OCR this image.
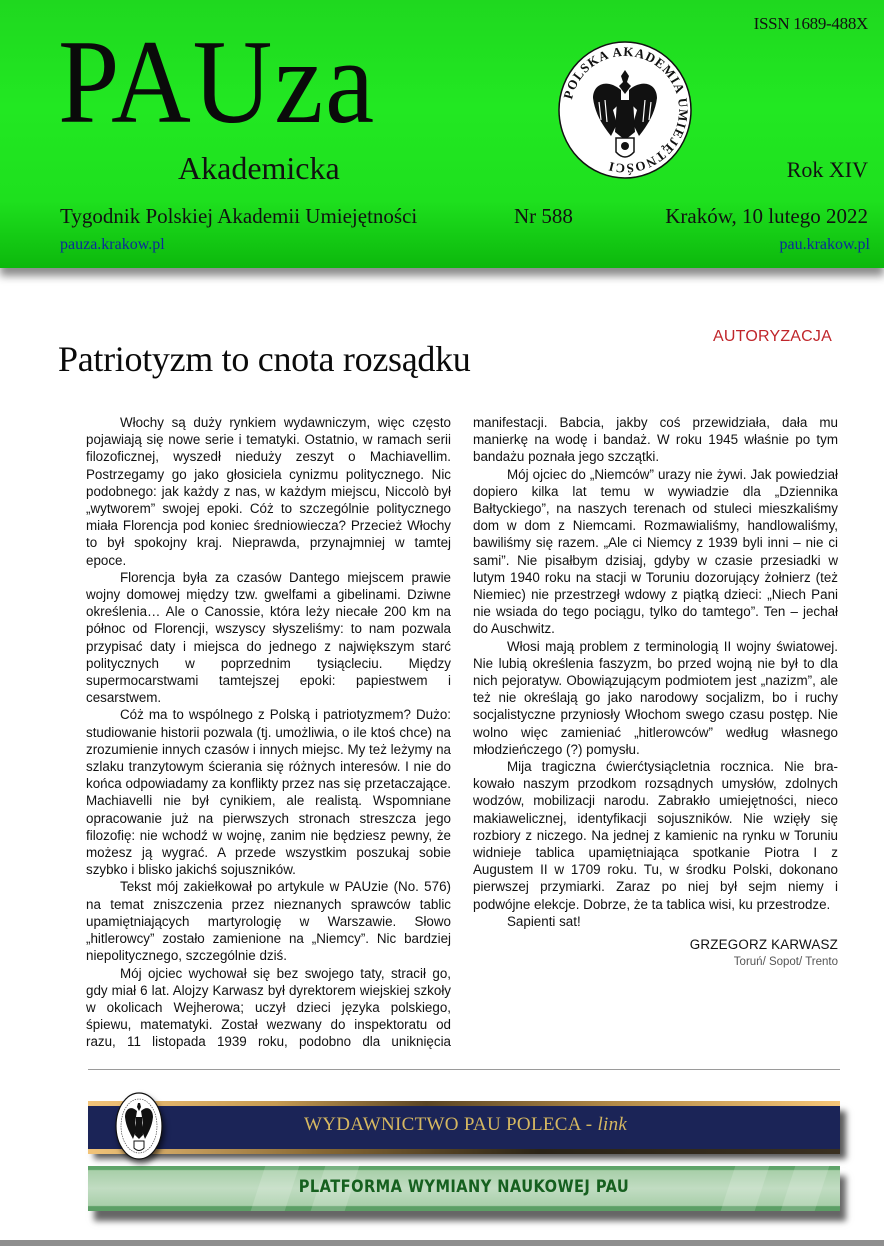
ISSN 1689-488X
PAUza
Akademicka
POLSKA AKADEMIA UMIEJĘTNOŚCI	Rok XIV
Tygodnik Polskiej Akademii Umiejętności	Nr 588	Kraków, 10 lutego 2022
pauza.krakow.pl	pau.krakow.pl
AUTORYZACJA
Patriotyzm to cnota rozsądku

Włochy są duży rynkiem wydawniczym, więc często pojawiają się nowe serie i tematyki. Ostatnio, w ramach serii filozoficznej, wyszedł nieduży zeszyt o Machiavellim. Postrzegamy go jako głosiciela cynizmu politycznego. Nic podobnego: jak każdy z nas, w każdym miejscu, Niccolò był „wytworem” swojej epoki. Cóż to szczególnie politycznego miała Florencja pod koniec średniowiecza? Przecież Włochy to był spokojny kraj. Nieprawda, przynajmniej w tamtej epoce.

Florencja była za czasów Dantego miejscem prawie wojny domowej między tzw. gwelfami a gibelinami. Dziwne określenia… Ale o Canossie, która leży niecałe 200 km na północ od Florencji, wszyscy słyszeliśmy: to nam pozwala przypisać daty i miejsca do jednego z największym starć politycznych w poprzednim tysiącleciu. Między supermocarstwami tamtejszej epoki: papiestwem i cesarstwem.

Cóż ma to wspólnego z Polską i patriotyzmem? Dużo: studiowanie historii pozwala (tj. umożliwia, o ile ktoś chce) na zrozumienie innych czasów i innych miejsc. My też leżymy na szlaku tranzytowym ścierania się różnych interesów. I nie do końca odpowiadamy za konflikty przez nas się przetaczające. Machiavelli nie był cynikiem, ale realistą. Wspomniane opracowanie już na pierwszych stronach streszcza jego filozofię: nie wchodź w wojnę, zanim nie będziesz pewny, że możesz ją wygrać. A przede wszystkim poszukaj sobie szybko i blisko jakichś sojuszników.

Tekst mój zakiełkował po artykule w PAUzie (No. 576) na temat zniszczenia przez nieznanych sprawców tablic upamiętniających martyrologię w Warszawie. Słowo „hitlerowcy” zostało zamienione na „Niemcy”. Nic bardziej niepolitycznego, szczególnie dziś.

Mój ojciec wychował się bez swojego taty, stracił go, gdy miał 6 lat. Alojzy Karwasz był dyrektorem wiejskiej szkoły w okolicach Wejherowa; uczył dzieci języka polskiego, śpiewu, matematyki. Został wezwany do inspektoratu od razu, 11 listopada 1939 roku, podobno dla uniknięcia manifestacji. Babcia, jakby coś przewidziała, dała mu manierkę na wodę i bandaż. W roku 1945 właśnie po tym bandażu poznała jego szczątki.

Mój ojciec do „Niemców” urazy nie żywi. Jak powiedział dopiero kilka lat temu w wywiadzie dla „Dziennika Bałtyckiego”, na naszych terenach od stuleci mieszkaliśmy dom w dom z Niemcami. Rozmawialiśmy, handlowaliśmy, bawiliśmy się razem. „Ale ci Niemcy z 1939 byli inni – nie ci sami”. Nie pisałbym dzisiaj, gdyby w czasie przesiadki w lutym 1940 roku na stacji w Toruniu dozorujący żołnierz (też Niemiec) nie przestrzegł wdowy z piątką dzieci: „Niech Pani nie wsiada do tego pociągu, tylko do tamtego”. Ten – jechał do Auschwitz.

Włosi mają problem z terminologią II wojny światowej. Nie lubią określenia faszyzm, bo przed wojną nie był to dla nich pejoratyw. Obowiązującym podmiotem jest „nazizm”, ale też nie określają go jako narodowy socjalizm, bo i ruchy socjalistyczne przyniosły Włochom swego czasu postęp. Nie wolno więc zamieniać „hitlerowców” według własnego młodzieńczego (?) pomysłu.

Mija tragiczna ćwierćtysiącletnia rocznica. Nie brakowało naszym przodkom rozsądnych umysłów, zdolnych wodzów, mobilizacji narodu. Zabrakło umiejętności, nieco makiawelicznej, identyfikacji sojuszników. Nie wzięły się rozbiory z niczego. Na jednej z kamienic na rynku w Toruniu widnieje tablica upamiętniająca spotkanie Piotra I z Augustem II w 1709 roku. Tu, w środku Polski, dokonano pierwszej przymiarki. Zaraz po niej był sejm niemy i podwójne elekcje. Dobrze, że ta tablica wisi, ku przestrodze.

Sapienti sat!

GRZEGORZ KARWASZ
Toruń/ Sopot/ Trento
WYDAWNICTWO PAU POLECA - link
PLATFORMA WYMIANY NAUKOWEJ PAU
